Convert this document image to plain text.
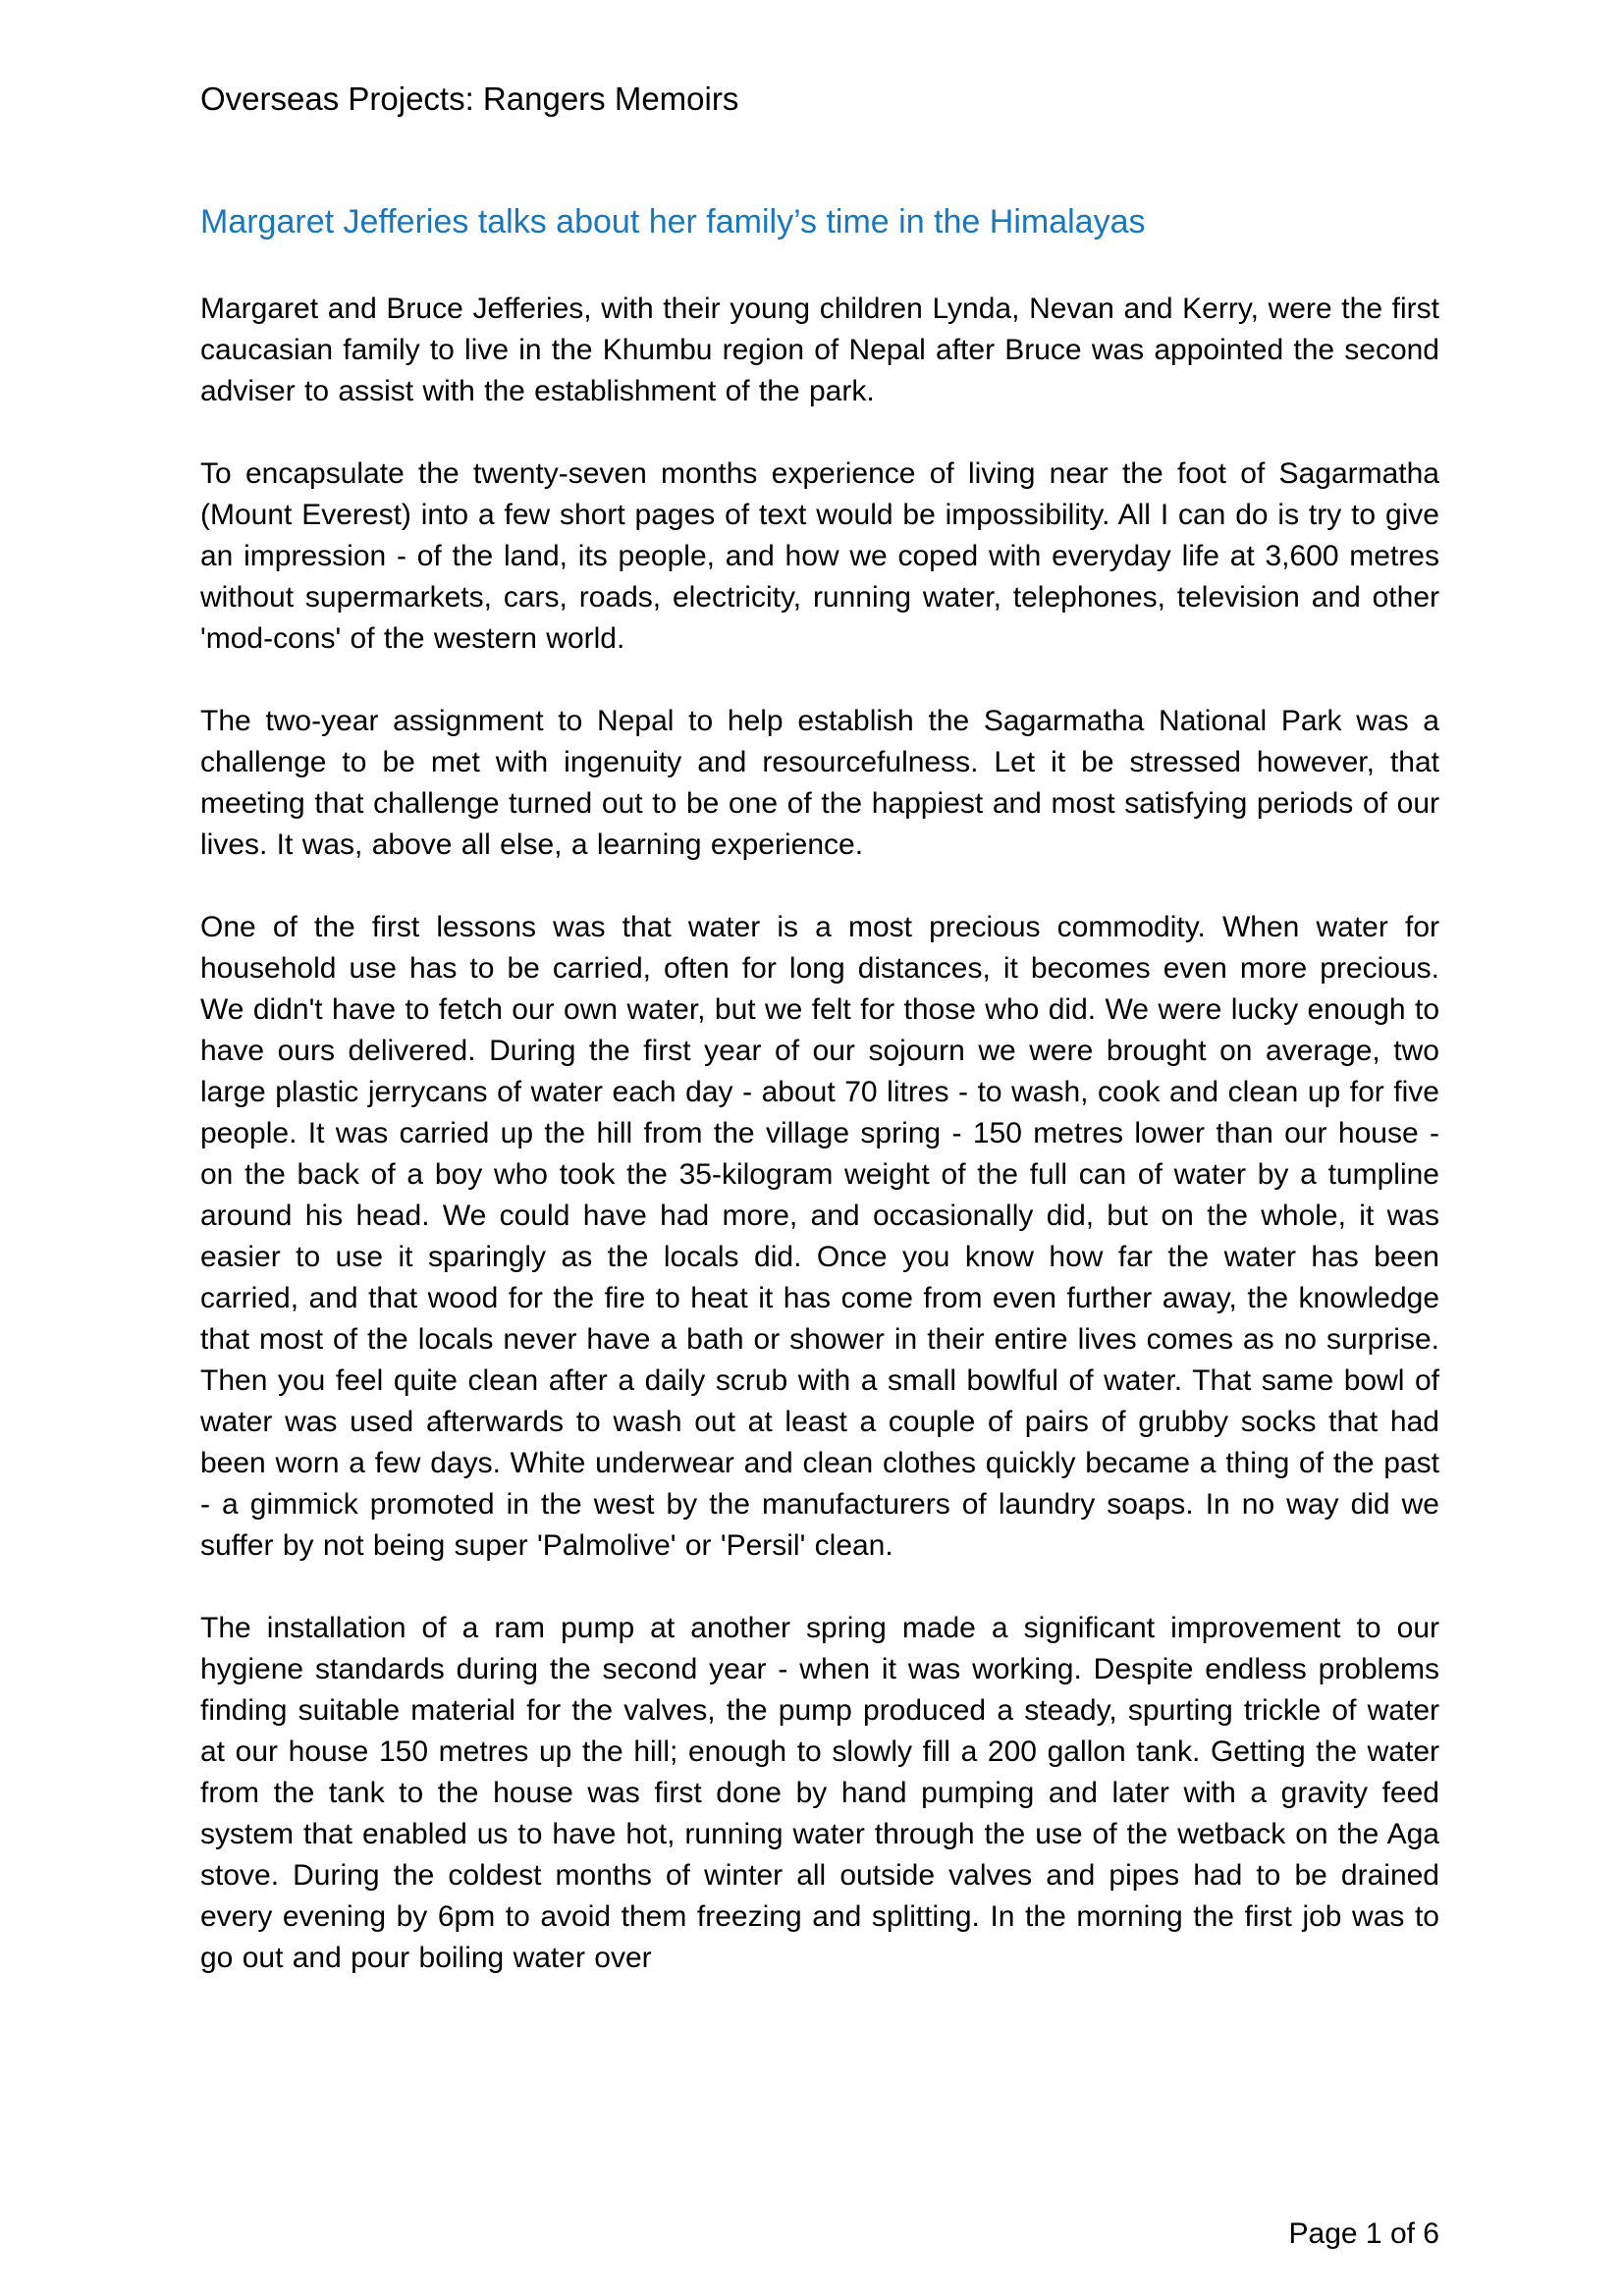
Overseas Projects: Rangers Memoirs
Margaret Jefferies talks about her family’s time in the Himalayas

Margaret and Bruce Jefferies, with their young children Lynda, Nevan and Kerry, were the first caucasian family to live in the Khumbu region of Nepal after Bruce was appointed the second adviser to assist with the establishment of the park.

To encapsulate the twenty-seven months experience of living near the foot of Sagarmatha (Mount Everest) into a few short pages of text would be impossibility. All I can do is try to give an impression - of the land, its people, and how we coped with everyday life at 3,600 metres without supermarkets, cars, roads, electricity, running water, telephones, television and other 'mod-cons' of the western world.

The two-year assignment to Nepal to help establish the Sagarmatha National Park was a challenge to be met with ingenuity and resourcefulness. Let it be stressed however, that meeting that challenge turned out to be one of the happiest and most satisfying periods of our lives. It was, above all else, a learning experience.

One of the first lessons was that water is a most precious commodity. When water for household use has to be carried, often for long distances, it becomes even more precious. We didn't have to fetch our own water, but we felt for those who did. We were lucky enough to have ours delivered. During the first year of our sojourn we were brought on average, two large plastic jerrycans of water each day - about 70 litres - to wash, cook and clean up for five people. It was carried up the hill from the village spring - 150 metres lower than our house - on the back of a boy who took the 35-kilogram weight of the full can of water by a tumpline around his head. We could have had more, and occasionally did, but on the whole, it was easier to use it sparingly as the locals did. Once you know how far the water has been carried, and that wood for the fire to heat it has come from even further away, the knowledge that most of the locals never have a bath or shower in their entire lives comes as no surprise. Then you feel quite clean after a daily scrub with a small bowlful of water. That same bowl of water was used afterwards to wash out at least a couple of pairs of grubby socks that had been worn a few days. White underwear and clean clothes quickly became a thing of the past - a gimmick promoted in the west by the manufacturers of laundry soaps. In no way did we suffer by not being super 'Palmolive' or 'Persil' clean.

The installation of a ram pump at another spring made a significant improvement to our hygiene standards during the second year - when it was working. Despite endless problems finding suitable material for the valves, the pump produced a steady, spurting trickle of water at our house 150 metres up the hill; enough to slowly fill a 200 gallon tank. Getting the water from the tank to the house was first done by hand pumping and later with a gravity feed system that enabled us to have hot, running water through the use of the wetback on the Aga stove. During the coldest months of winter all outside valves and pipes had to be drained every evening by 6pm to avoid them freezing and splitting. In the morning the first job was to go out and pour boiling water over

Page 1 of 6
